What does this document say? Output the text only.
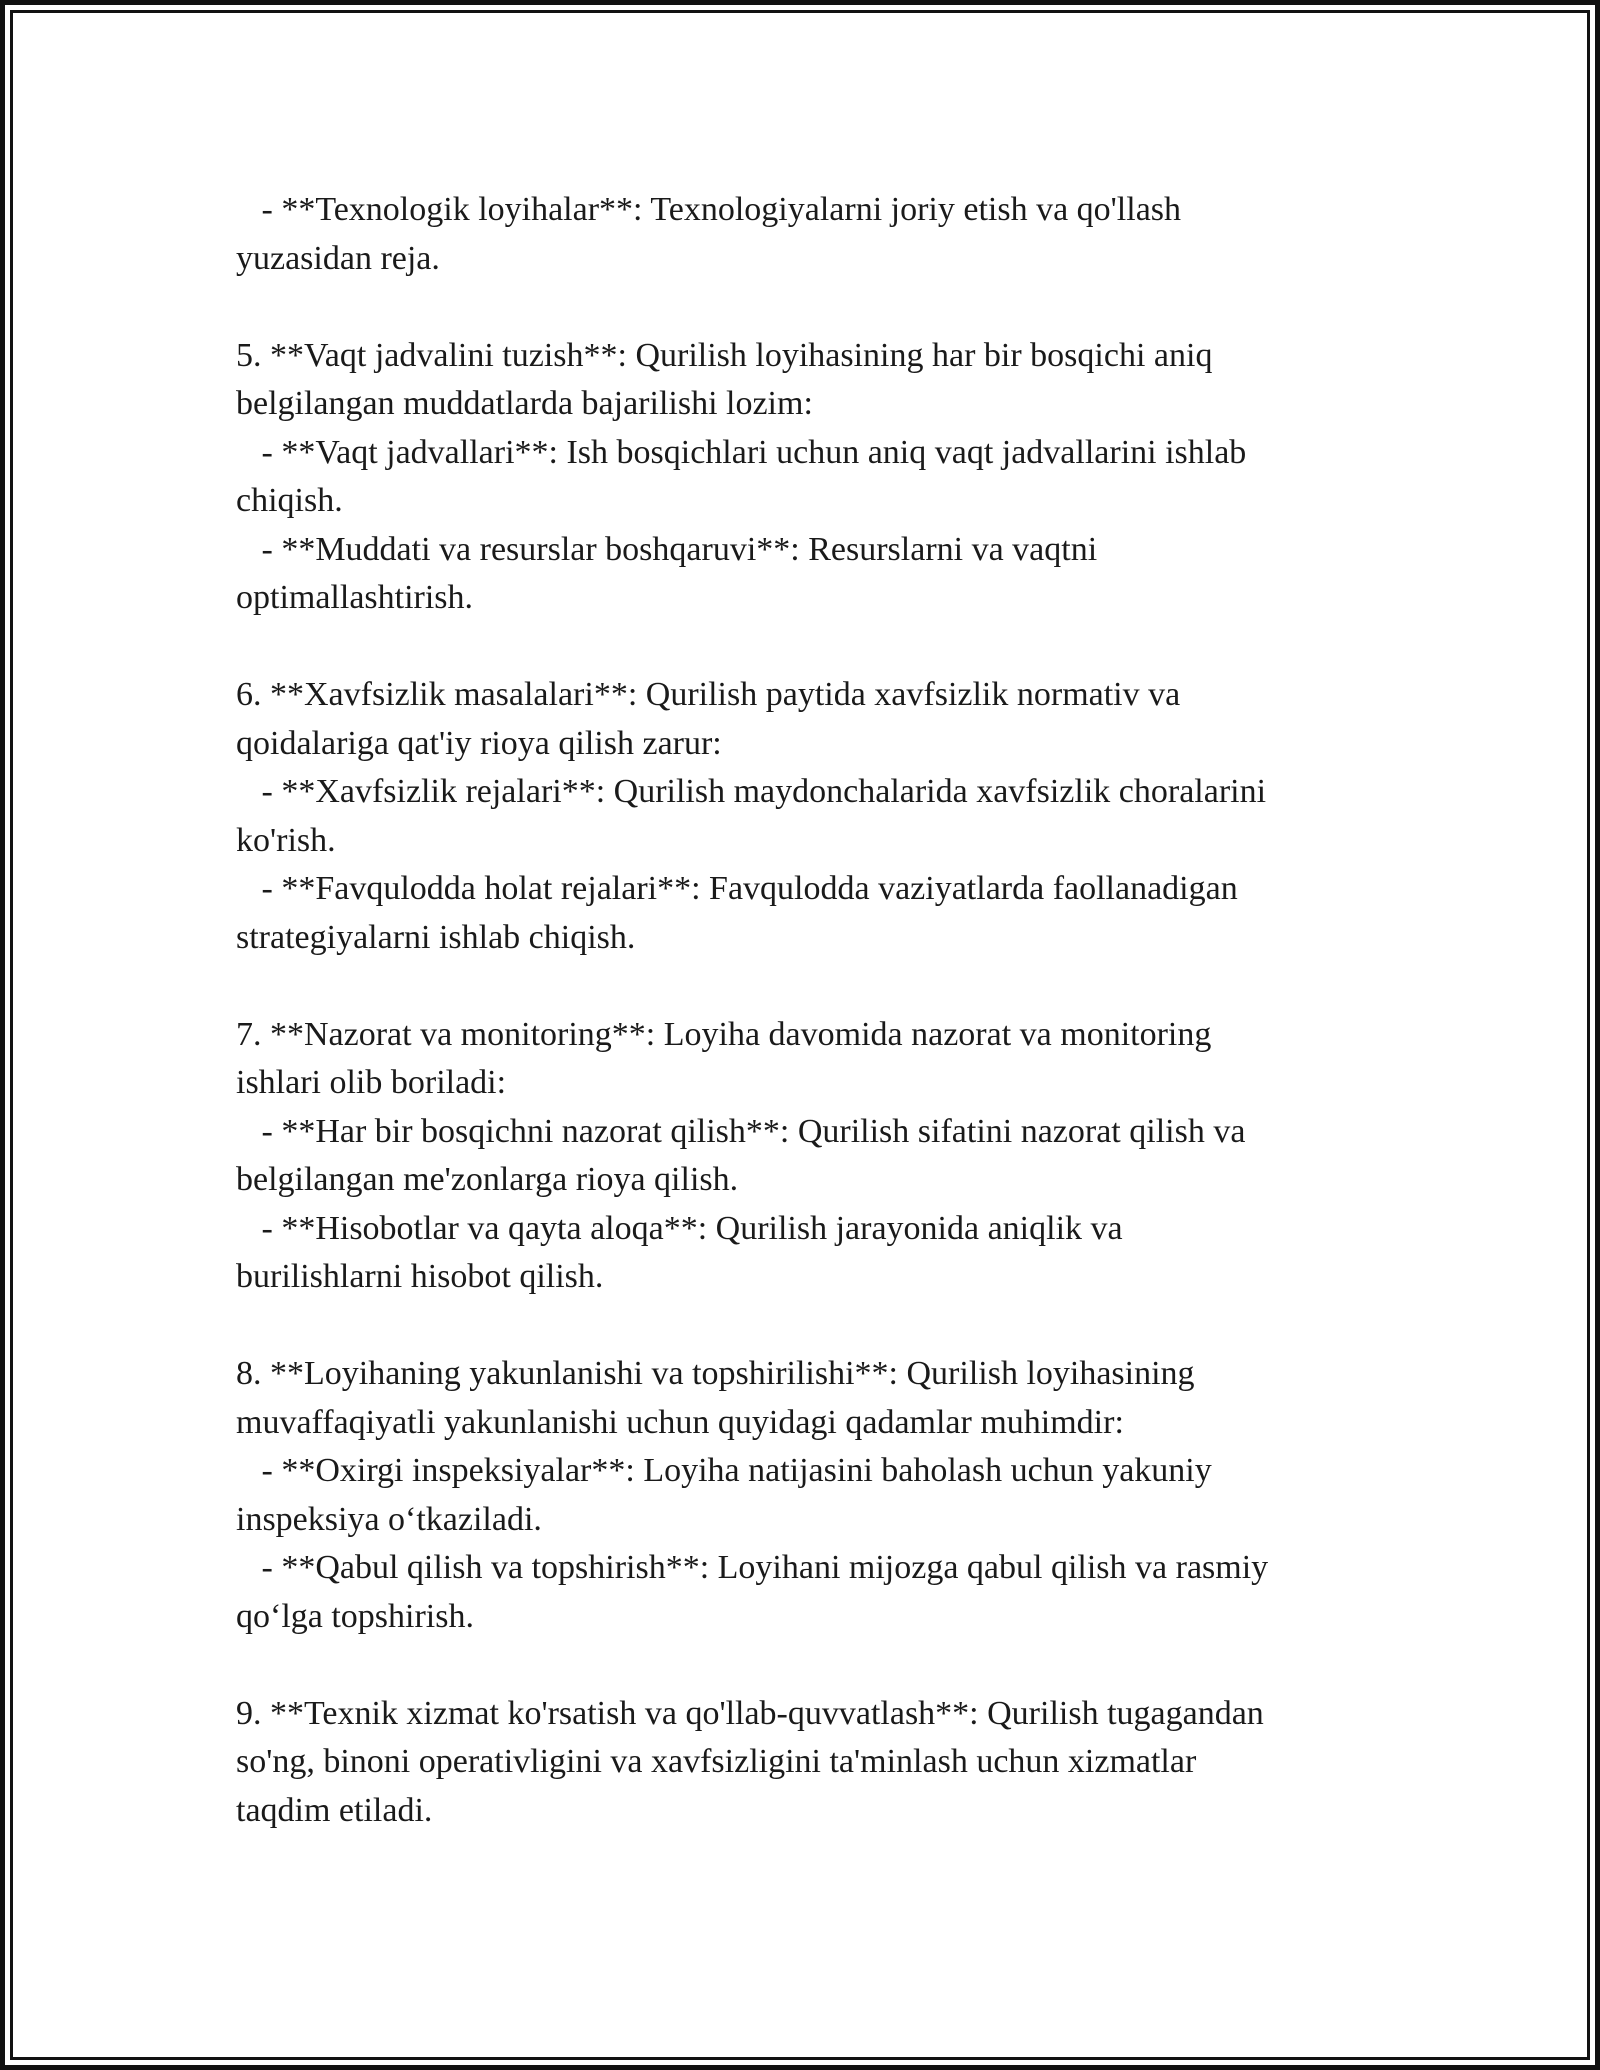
- **Texnologik loyihalar**: Texnologiyalarni joriy etish va qo'llash
yuzasidan reja.
5. **Vaqt jadvalini tuzish**: Qurilish loyihasining har bir bosqichi aniq
belgilangan muddatlarda bajarilishi lozim:
- **Vaqt jadvallari**: Ish bosqichlari uchun aniq vaqt jadvallarini ishlab
chiqish.
- **Muddati va resurslar boshqaruvi**: Resurslarni va vaqtni
optimallashtirish.
6. **Xavfsizlik masalalari**: Qurilish paytida xavfsizlik normativ va
qoidalariga qat'iy rioya qilish zarur:
- **Xavfsizlik rejalari**: Qurilish maydonchalarida xavfsizlik choralarini
ko'rish.
- **Favqulodda holat rejalari**: Favqulodda vaziyatlarda faollanadigan
strategiyalarni ishlab chiqish.
7. **Nazorat va monitoring**: Loyiha davomida nazorat va monitoring
ishlari olib boriladi:
- **Har bir bosqichni nazorat qilish**: Qurilish sifatini nazorat qilish va
belgilangan me'zonlarga rioya qilish.
- **Hisobotlar va qayta aloqa**: Qurilish jarayonida aniqlik va
burilishlarni hisobot qilish.
8. **Loyihaning yakunlanishi va topshirilishi**: Qurilish loyihasining
muvaffaqiyatli yakunlanishi uchun quyidagi qadamlar muhimdir:
- **Oxirgi inspeksiyalar**: Loyiha natijasini baholash uchun yakuniy
inspeksiya o‘tkaziladi.
- **Qabul qilish va topshirish**: Loyihani mijozga qabul qilish va rasmiy
qo‘lga topshirish.
9. **Texnik xizmat ko'rsatish va qo'llab-quvvatlash**: Qurilish tugagandan
so'ng, binoni operativligini va xavfsizligini ta'minlash uchun xizmatlar
taqdim etiladi.
